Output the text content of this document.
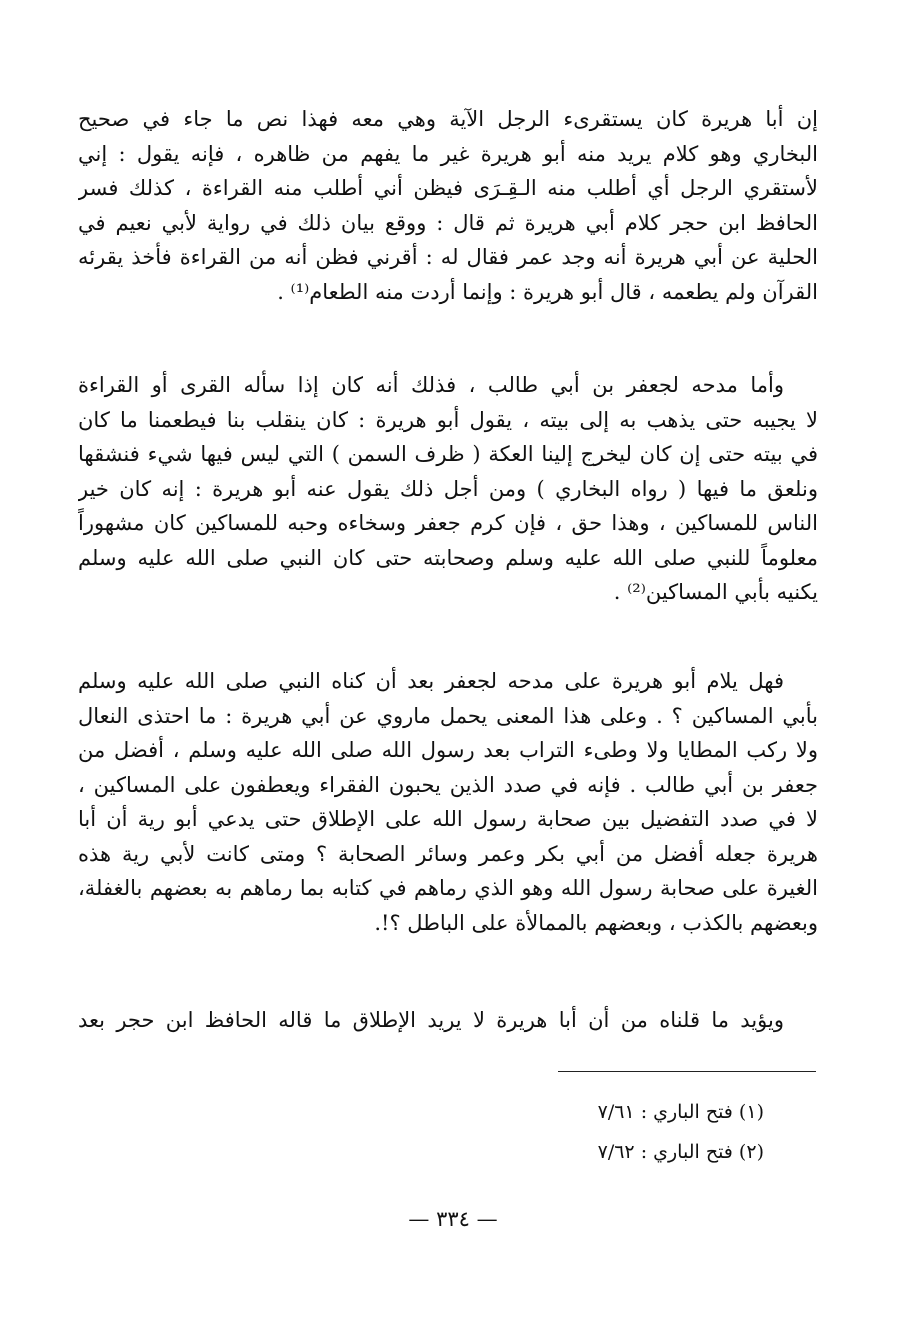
إن أبا هريرة كان يستقرىء الرجل الآية وهي معه فهذا نص ما جاء في صحيح
البخاري وهو كلام يريد منه أبو هريرة غير ما يفهم من ظاهره ، فإنه يقول : إني
لأستقري الرجل أي أطلب منه الـقِـرَى فيظن أني أطلب منه القراءة ، كذلك فسر
الحافظ ابن حجر كلام أبي هريرة ثم قال : ووقع بيان ذلك في رواية لأبي نعيم في
الحلية عن أبي هريرة أنه وجد عمر فقال له : أقرني فظن أنه من القراءة فأخذ يقرئه
القرآن ولم يطعمه ، قال أبو هريرة : وإنما أردت منه الطعام⁽¹⁾ .
وأما مدحه لجعفر بن أبي طالب ، فذلك أنه كان إذا سأله القرى أو القراءة
لا يجيبه حتى يذهب به إلى بيته ، يقول أبو هريرة : كان ينقلب بنا فيطعمنا ما كان
في بيته حتى إن كان ليخرج إلينا العكة ( ظرف السمن ) التي ليس فيها شيء فنشقها
ونلعق ما فيها ( رواه البخاري ) ومن أجل ذلك يقول عنه أبو هريرة : إنه كان خير
الناس للمساكين ، وهذا حق ، فإن كرم جعفر وسخاءه وحبه للمساكين كان مشهوراً
معلوماً للنبي صلى الله عليه وسلم وصحابته حتى كان النبي صلى الله عليه وسلم
يكنيه بأبي المساكين⁽²⁾ .
فهل يلام أبو هريرة على مدحه لجعفر بعد أن كناه النبي صلى الله عليه وسلم
بأبي المساكين ؟ . وعلى هذا المعنى يحمل ماروي عن أبي هريرة : ما احتذى النعال
ولا ركب المطايا ولا وطىء التراب بعد رسول الله صلى الله عليه وسلم ، أفضل من
جعفر بن أبي طالب . فإنه في صدد الذين يحبون الفقراء ويعطفون على المساكين ،
لا في صدد التفضيل بين صحابة رسول الله على الإطلاق حتى يدعي أبو رية أن أبا
هريرة جعله أفضل من أبي بكر وعمر وسائر الصحابة ؟ ومتى كانت لأبي رية هذه
الغيرة على صحابة رسول الله وهو الذي رماهم في كتابه بما رماهم به بعضهم بالغفلة،
وبعضهم بالكذب ، وبعضهم بالممالأة على الباطل ؟!.
ويؤيد ما قلناه من أن أبا هريرة لا يريد الإطلاق ما قاله الحافظ ابن حجر بعد
(١) فتح الباري : ٧/٦١
(٢) فتح الباري : ٧/٦٢
— ٣٣٤ —
